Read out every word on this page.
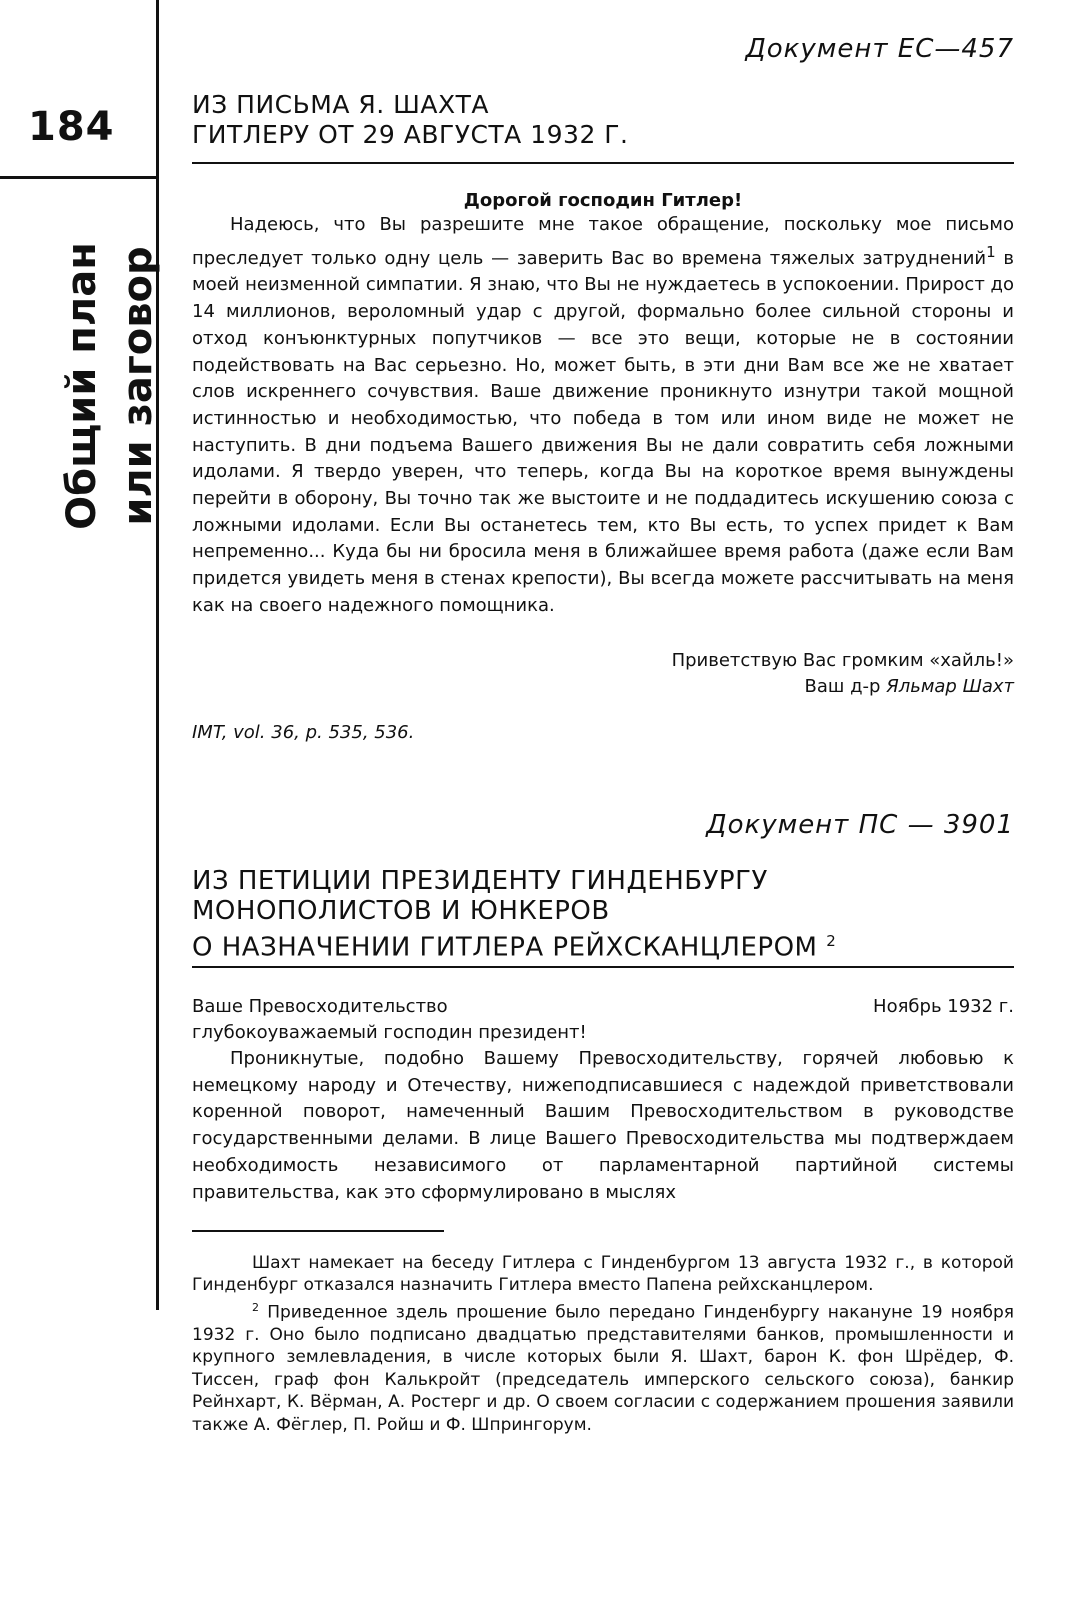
184
Общий план или заговор
Документ ЕС—457
ИЗ ПИСЬМА Я. ШАХТА
ГИТЛЕРУ ОТ 29 АВГУСТА 1932 Г.
Дорогой господин Гитлер!

Надеюсь, что Вы разрешите мне такое обращение, поскольку мое письмо преследует только одну цель — заверить Вас во времена тяжелых затруднений$^1$ в моей неизменной симпатии. Я знаю, что Вы не нуждаетесь в успокоении. Прирост до 14 миллионов, вероломный удар с другой, формально более сильной стороны и отход конъюнктурных попутчиков — все это вещи, которые не в состоянии подействовать на Вас серьезно. Но, может быть, в эти дни Вам все же не хватает слов искреннего сочувствия. Ваше движение проникнуто изнутри такой мощной истинностью и необходимостью, что победа в том или ином виде не может не наступить. В дни подъема Вашего движения Вы не дали совратить себя ложными идолами. Я твердо уверен, что теперь, когда Вы на короткое время вынуждены перейти в оборону, Вы точно так же выстоите и не поддадитесь искушению союза с ложными идолами. Если Вы останетесь тем, кто Вы есть, то успех придет к Вам непременно... Куда бы ни бросила меня в ближайшее время работа (даже если Вам придется увидеть меня в стенах крепости), Вы всегда можете рассчитывать на меня как на своего надежного помощника.

Приветствую Вас громким «хайль!»
Ваш д-р Яльмар Шахт
IMT, vol. 36, p. 535, 536.
Документ ПС — 3901
ИЗ ПЕТИЦИИ ПРЕЗИДЕНТУ ГИНДЕНБУРГУ
МОНОПОЛИСТОВ И ЮНКЕРОВ
О НАЗНАЧЕНИИ ГИТЛЕРА РЕЙХСКАНЦЛЕРОМ $^2$
Ваше Превосходительство	Ноябрь 1932 г.
глубокоуважаемый господин президент!

Проникнутые, подобно Вашему Превосходительству, горячей любовью к немецкому народу и Отечеству, нижеподписавшиеся с надеждой приветствовали коренной поворот, намеченный Вашим Превосходительством в руководстве государственными делами. В лице Вашего Превосходительства мы подтверждаем необходимость независимого от парламентарной партийной системы правительства, как это сформулировано в мыслях

Шахт намекает на беседу Гитлера с Гинденбургом 13 августа 1932 г., в которой Гинденбург отказался назначить Гитлера вместо Папена рейхсканцлером.

$^2$ Приведенное здель прошение было передано Гинденбургу накануне 19 ноября 1932 г. Оно было подписано двадцатью представителями банков, промышленности и крупного землевладения, в числе которых были Я. Шахт, барон К. фон Шрёдер, Ф. Тиссен, граф фон Калькройт (председатель имперского сельского союза), банкир Рейнхарт, К. Вёрман, А. Ростерг и др. О своем согласии с содержанием прошения заявили также А. Фёглер, П. Ройш и Ф. Шпрингорум.
